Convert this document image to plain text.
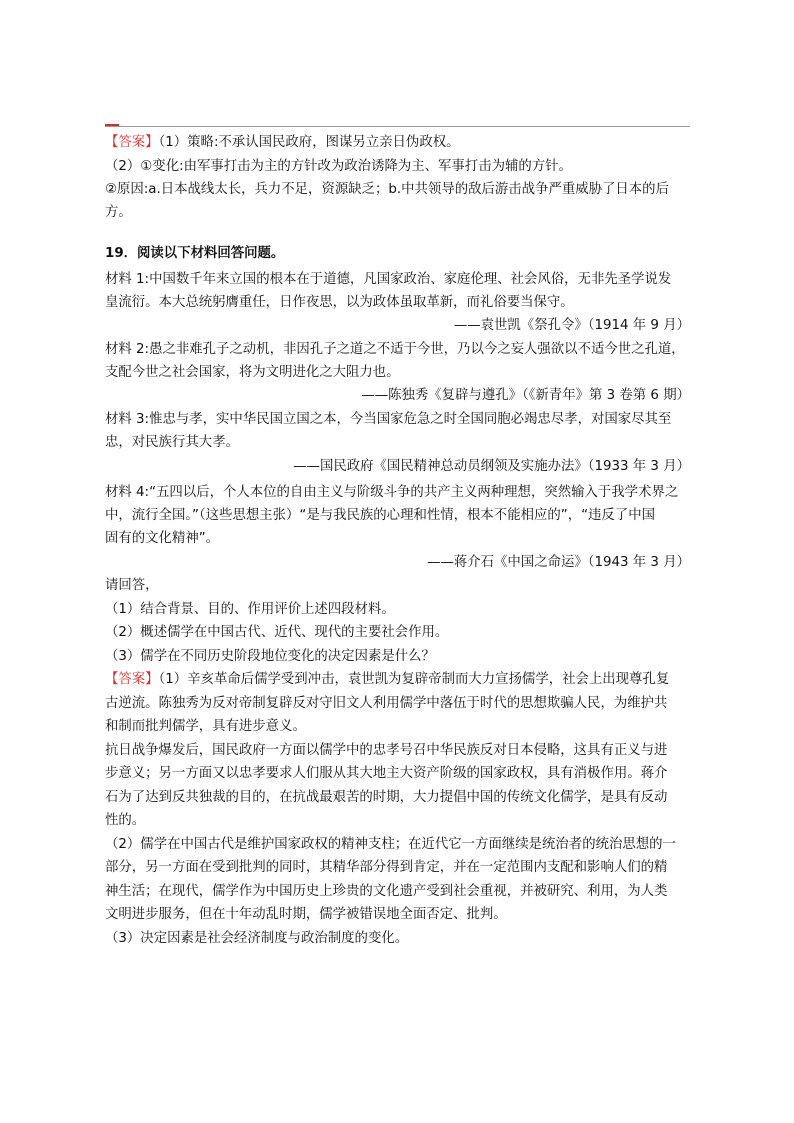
【答案】（1）策略:不承认国民政府，图谋另立亲日伪政权。
（2）①变化:由军事打击为主的方针改为政治诱降为主、军事打击为辅的方针。
②原因:a.日本战线太长，兵力不足，资源缺乏；b.中共领导的敌后游击战争严重威胁了日本的后
方。
19．阅读以下材料回答问题。
材料 1:中国数千年来立国的根本在于道德，凡国家政治、家庭伦理、社会风俗，无非先圣学说发
皇流衍。本大总统躬膺重任，日作夜思，以为政体虽取革新，而礼俗要当保守。
——袁世凯《祭孔令》（1914 年 9 月）
材料 2:愚之非难孔子之动机，非因孔子之道之不适于今世，乃以今之妄人强欲以不适今世之孔道，
支配今世之社会国家，将为文明进化之大阻力也。
——陈独秀《复辟与遵孔》（《新青年》第 3 卷第 6 期）
材料 3:惟忠与孝，实中华民国立国之本，今当国家危急之时全国同胞必竭忠尽孝，对国家尽其至
忠，对民族行其大孝。
——国民政府《国民精神总动员纲领及实施办法》（1933 年 3 月）
材料 4:“五四以后，个人本位的自由主义与阶级斗争的共产主义两种理想，突然输入于我学术界之
中，流行全国。”（这些思想主张）“是与我民族的心理和性情，根本不能相应的”，“违反了中国
固有的文化精神”。
——蒋介石《中国之命运》（1943 年 3 月）
请回答，
（1）结合背景、目的、作用评价上述四段材料。
（2）概述儒学在中国古代、近代、现代的主要社会作用。
（3）儒学在不同历史阶段地位变化的决定因素是什么？
【答案】（1）辛亥革命后儒学受到冲击，袁世凯为复辟帝制而大力宣扬儒学，社会上出现尊孔复
古逆流。陈独秀为反对帝制复辟反对守旧文人利用儒学中落伍于时代的思想欺骗人民，为维护共
和制而批判儒学，具有进步意义。
抗日战争爆发后，国民政府一方面以儒学中的忠孝号召中华民族反对日本侵略，这具有正义与进
步意义；另一方面又以忠孝要求人们服从其大地主大资产阶级的国家政权，具有消极作用。蒋介
石为了达到反共独裁的目的，在抗战最艰苦的时期，大力提倡中国的传统文化儒学，是具有反动
性的。
（2）儒学在中国古代是维护国家政权的精神支柱；在近代它一方面继续是统治者的统治思想的一
部分，另一方面在受到批判的同时，其精华部分得到肯定，并在一定范围内支配和影响人们的精
神生活；在现代，儒学作为中国历史上珍贵的文化遗产受到社会重视，并被研究、利用，为人类
文明进步服务，但在十年动乱时期，儒学被错误地全面否定、批判。
（3）决定因素是社会经济制度与政治制度的变化。
